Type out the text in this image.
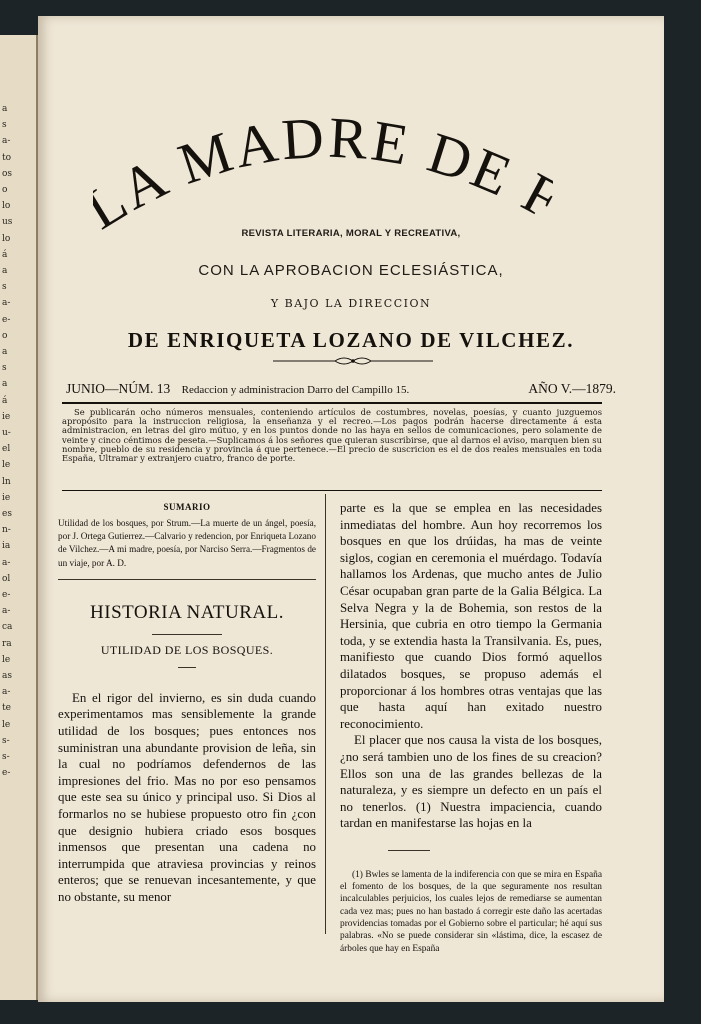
a
s
a-
to
os
o
lo
us
lo
á
a
s
a-
e-
o
a
s
a
á
ie
u-
el
le
ln
ie
es
n-
ia
a-
ol
e-
a-
ca
ra
le
as
a-
te
le
s-
s-
e-
A MADRE DE
REVISTA LITERARIA, MORAL Y RECREATIVA,
CON LA APROBACION ECLESIÁSTICA,
Y BAJO LA DIRECCION
DE ENRIQUETA LOZANO DE VILCHEZ.
JUNIO—NÚM. 13 Redaccion y administracion Darro del Campillo 15.	AÑO V.—1879.

Se publicarán ocho números mensuales, conteniendo artículos de costumbres, novelas, poesías, y cuanto juzguemos apropósito para la instruccion religiosa, la enseñanza y el recreo.—Los pagos podrán hacerse directamente á esta administracion, en letras del giro mútuo, y en los puntos donde no las haya en sellos de comunicaciones, pero solamente de veinte y cinco céntimos de peseta.—Suplicamos á los señores que quieran suscribirse, que al darnos el aviso, marquen bien su nombre, pueblo de su residencia y provincia á que pertenece.—El precio de suscricion es el de dos reales mensuales en toda España, Ultramar y extranjero cuatro, franco de porte.

SUMARIO

Utilidad de los bosques, por Strum.—La muerte de un ángel, poesía, por J. Ortega Gutierrez.—Calvario y redencion, por Enriqueta Lozano de Vilchez.—A mi madre, poesía, por Narciso Serra.—Fragmentos de un viaje, por A. D.

HISTORIA NATURAL.
UTILIDAD DE LOS BOSQUES.

En el rigor del invierno, es sin duda cuando experimentamos mas sensiblemente la grande utilidad de los bosques; pues entonces nos suministran una abundante provision de leña, sin la cual no podríamos defendernos de las impresiones del frio. Mas no por eso pensamos que este sea su único y principal uso. Si Dios al formarlos no se hubiese propuesto otro fin ¿con que designio hubiera criado esos bosques inmensos que presentan una cadena no interrumpida que atraviesa provincias y reinos enteros; que se renuevan incesantemente, y que no obstante, su menor

parte es la que se emplea en las necesidades inmediatas del hombre. Aun hoy recorremos los bosques en que los drúidas, ha mas de veinte siglos, cogian en ceremonia el muérdago. Todavía hallamos los Ardenas, que mucho antes de Julio César ocupaban gran parte de la Galia Bélgica. La Selva Negra y la de Bohemia, son restos de la Hersinia, que cubria en otro tiempo la Germania toda, y se extendia hasta la Transilvania. Es, pues, manifiesto que cuando Dios formó aquellos dilatados bosques, se propuso además el proporcionar á los hombres otras ventajas que las que hasta aquí han exitado nuestro reconocimiento.

El placer que nos causa la vista de los bosques, ¿no será tambien uno de los fines de su creacion? Ellos son una de las grandes bellezas de la naturaleza, y es siempre un defecto en un país el no tenerlos. (1) Nuestra impaciencia, cuando tardan en manifestarse las hojas en la

(1) Bwles se lamenta de la indiferencia con que se mira en España el fomento de los bosques, de la que seguramente nos resultan incalculables perjuicios, los cuales lejos de remediarse se aumentan cada vez mas; pues no han bastado á corregir este daño las acertadas providencias tomadas por el Gobierno sobre el particular; hé aquí sus palabras. «No se puede considerar sin «lástima, dice, la escasez de árboles que hay en España
